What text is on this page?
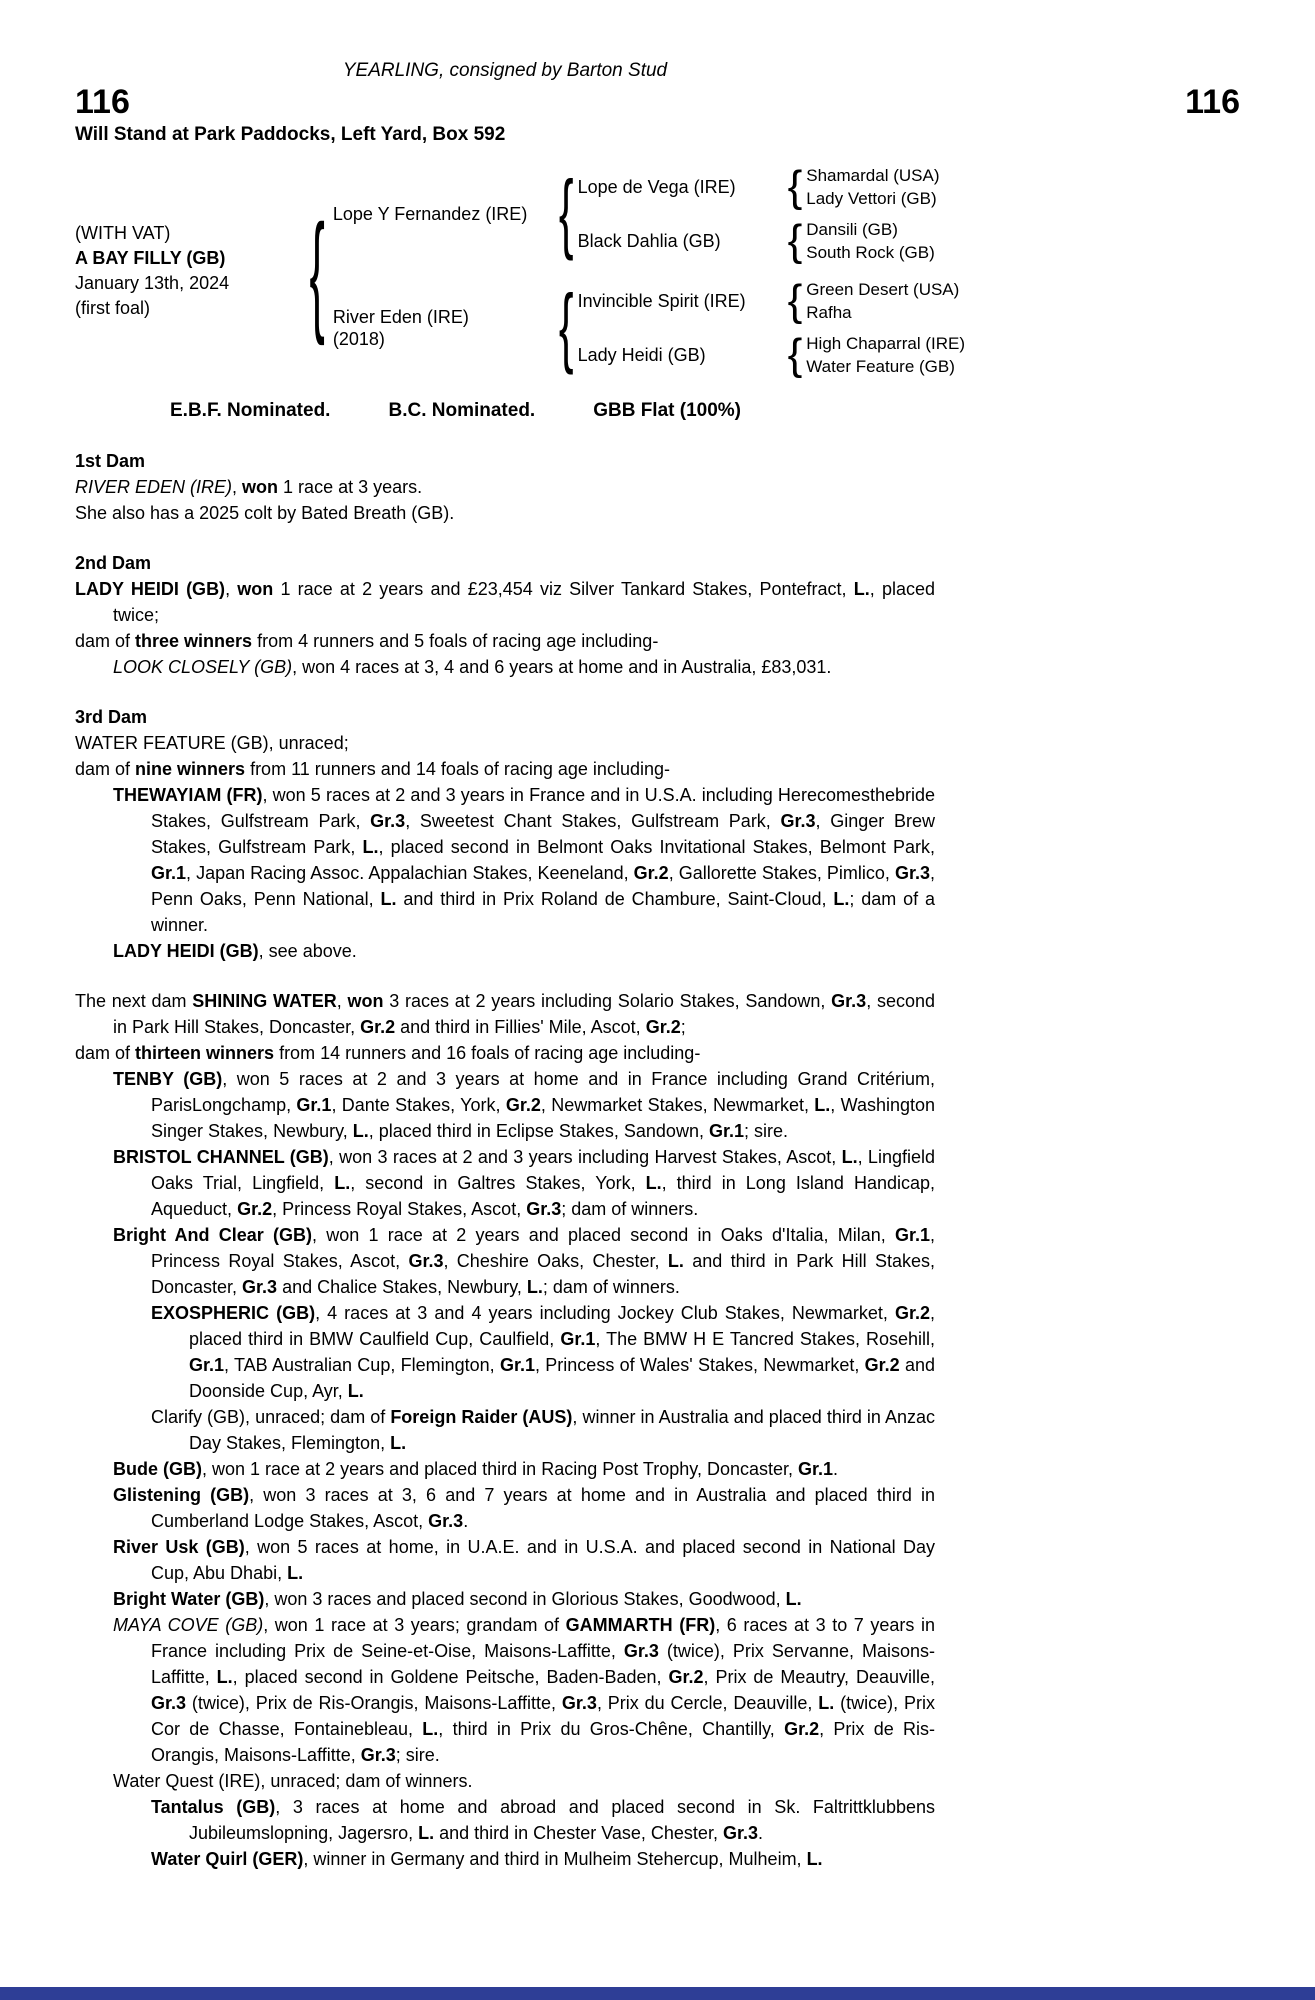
YEARLING, consigned by Barton Stud
116	116
Will Stand at Park Paddocks, Left Yard, Box 592
(WITH VAT)
A BAY FILLY (GB)
January 13th, 2024
(first foal)	{ Lope Y Fernandez (IRE) { Lope de Vega (IRE)	{ Shamardal (USA)
Lady Vettori (GB)
Black Dahlia (GB)	{ Dansili (GB)
South Rock (GB)
River Eden (IRE)
(2018)	{ Invincible Spirit (IRE) { Green Desert (USA)
Rafha
Lady Heidi (GB)	{ High Chaparral (IRE)
Water Feature (GB)
E.B.F. Nominated.	B.C. Nominated.	GBB Flat (100%)
1st Dam
RIVER EDEN (IRE), won 1 race at 3 years.
She also has a 2025 colt by Bated Breath (GB).
2nd Dam
LADY HEIDI (GB), won 1 race at 2 years and £23,454 viz Silver Tankard Stakes, Pontefract, L., placed twice;
dam of three winners from 4 runners and 5 foals of racing age including-
LOOK CLOSELY (GB), won 4 races at 3, 4 and 6 years at home and in Australia, £83,031.
3rd Dam
WATER FEATURE (GB), unraced;
dam of nine winners from 11 runners and 14 foals of racing age including-
THEWAYIAM (FR), won 5 races at 2 and 3 years in France and in U.S.A. including Herecomesthebride Stakes, Gulfstream Park, Gr.3, Sweetest Chant Stakes, Gulfstream Park, Gr.3, Ginger Brew Stakes, Gulfstream Park, L., placed second in Belmont Oaks Invitational Stakes, Belmont Park, Gr.1, Japan Racing Assoc. Appalachian Stakes, Keeneland, Gr.2, Gallorette Stakes, Pimlico, Gr.3, Penn Oaks, Penn National, L. and third in Prix Roland de Chambure, Saint-Cloud, L.; dam of a winner.
LADY HEIDI (GB), see above.
The next dam SHINING WATER, won 3 races at 2 years including Solario Stakes, Sandown, Gr.3, second in Park Hill Stakes, Doncaster, Gr.2 and third in Fillies' Mile, Ascot, Gr.2;
dam of thirteen winners from 14 runners and 16 foals of racing age including-
TENBY (GB), won 5 races at 2 and 3 years at home and in France including Grand Critérium, ParisLongchamp, Gr.1, Dante Stakes, York, Gr.2, Newmarket Stakes, Newmarket, L., Washington Singer Stakes, Newbury, L., placed third in Eclipse Stakes, Sandown, Gr.1; sire.
BRISTOL CHANNEL (GB), won 3 races at 2 and 3 years including Harvest Stakes, Ascot, L., Lingfield Oaks Trial, Lingfield, L., second in Galtres Stakes, York, L., third in Long Island Handicap, Aqueduct, Gr.2, Princess Royal Stakes, Ascot, Gr.3; dam of winners.
Bright And Clear (GB), won 1 race at 2 years and placed second in Oaks d'Italia, Milan, Gr.1, Princess Royal Stakes, Ascot, Gr.3, Cheshire Oaks, Chester, L. and third in Park Hill Stakes, Doncaster, Gr.3 and Chalice Stakes, Newbury, L.; dam of winners.
EXOSPHERIC (GB), 4 races at 3 and 4 years including Jockey Club Stakes, Newmarket, Gr.2, placed third in BMW Caulfield Cup, Caulfield, Gr.1, The BMW H E Tancred Stakes, Rosehill, Gr.1, TAB Australian Cup, Flemington, Gr.1, Princess of Wales' Stakes, Newmarket, Gr.2 and Doonside Cup, Ayr, L.
Clarify (GB), unraced; dam of Foreign Raider (AUS), winner in Australia and placed third in Anzac Day Stakes, Flemington, L.
Bude (GB), won 1 race at 2 years and placed third in Racing Post Trophy, Doncaster, Gr.1.
Glistening (GB), won 3 races at 3, 6 and 7 years at home and in Australia and placed third in Cumberland Lodge Stakes, Ascot, Gr.3.
River Usk (GB), won 5 races at home, in U.A.E. and in U.S.A. and placed second in National Day Cup, Abu Dhabi, L.
Bright Water (GB), won 3 races and placed second in Glorious Stakes, Goodwood, L.
MAYA COVE (GB), won 1 race at 3 years; grandam of GAMMARTH (FR), 6 races at 3 to 7 years in France including Prix de Seine-et-Oise, Maisons-Laffitte, Gr.3 (twice), Prix Servanne, Maisons-Laffitte, L., placed second in Goldene Peitsche, Baden-Baden, Gr.2, Prix de Meautry, Deauville, Gr.3 (twice), Prix de Ris-Orangis, Maisons-Laffitte, Gr.3, Prix du Cercle, Deauville, L. (twice), Prix Cor de Chasse, Fontainebleau, L., third in Prix du Gros-Chêne, Chantilly, Gr.2, Prix de Ris-Orangis, Maisons-Laffitte, Gr.3; sire.
Water Quest (IRE), unraced; dam of winners.
Tantalus (GB), 3 races at home and abroad and placed second in Sk. Faltrittklubbens Jubileumslopning, Jagersro, L. and third in Chester Vase, Chester, Gr.3.
Water Quirl (GER), winner in Germany and third in Mulheim Stehercup, Mulheim, L.
